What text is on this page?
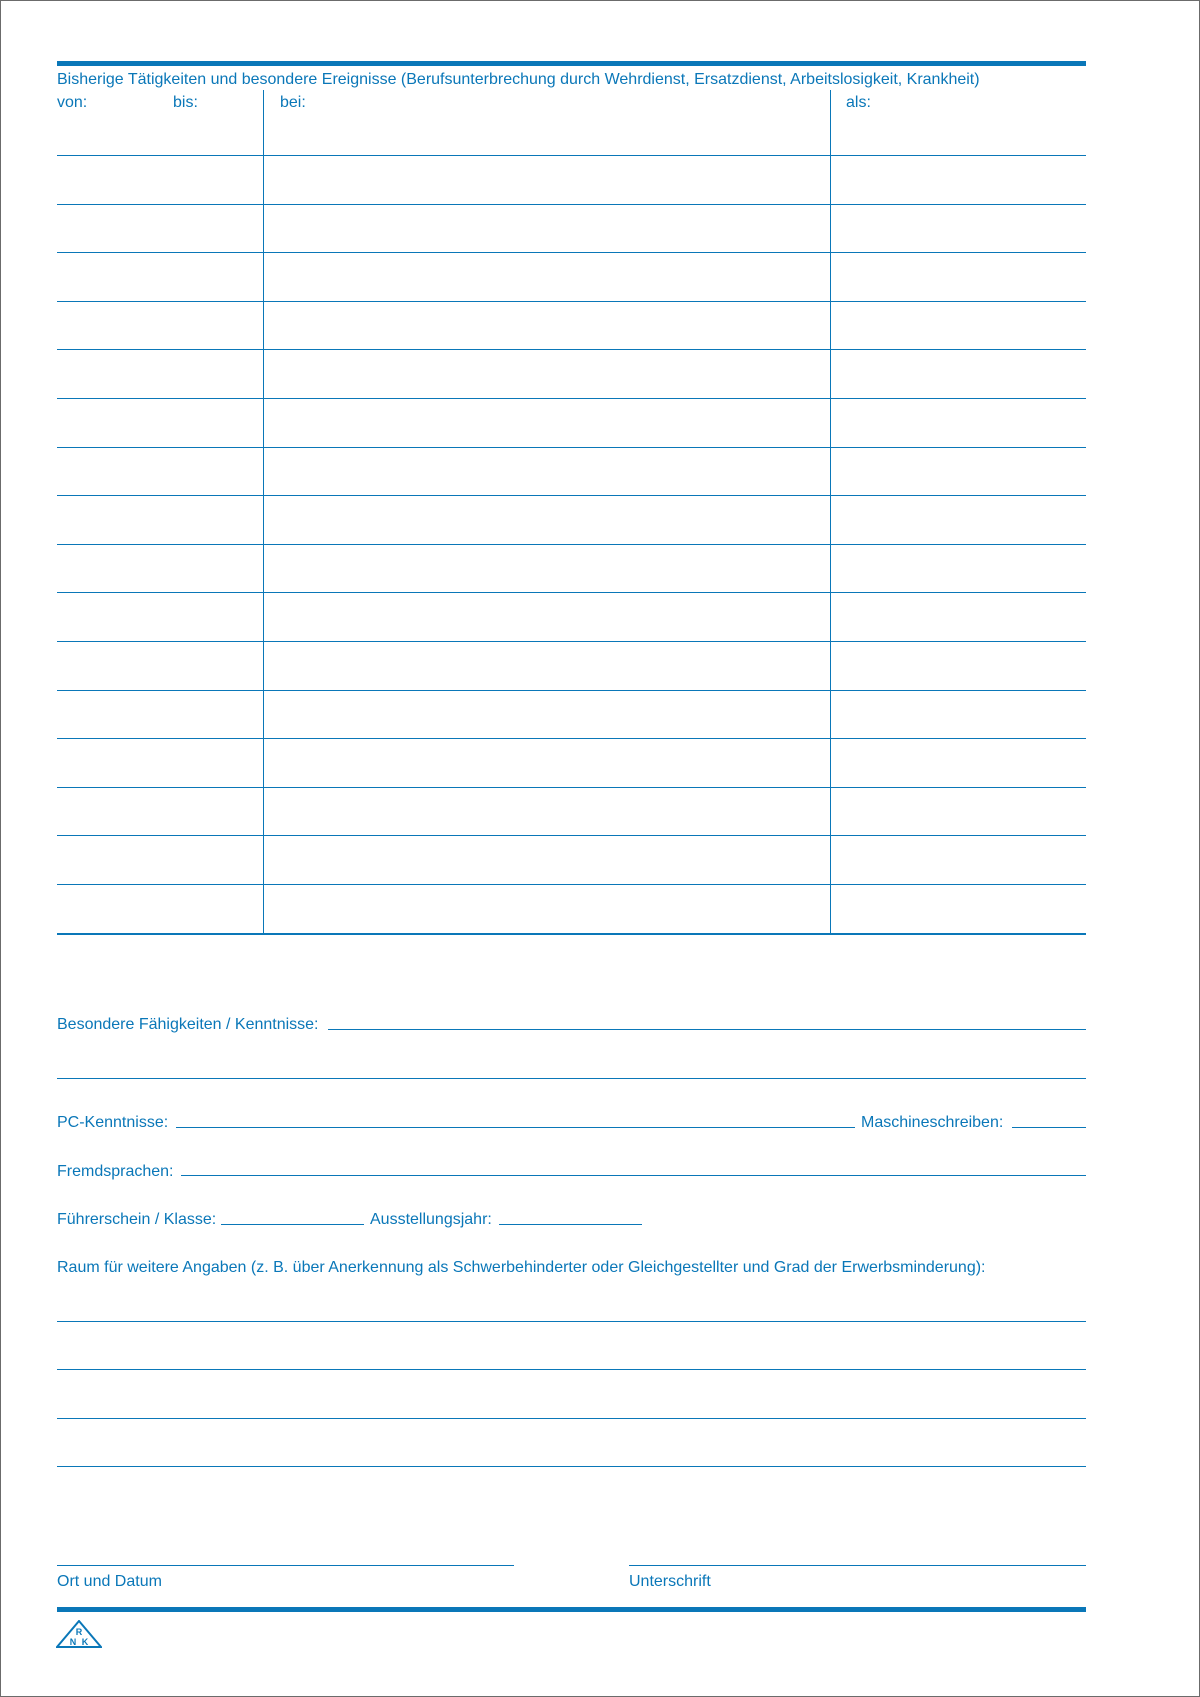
Bisherige Tätigkeiten und besondere Ereignisse (Berufsunterbrechung durch Wehrdienst, Ersatzdienst, Arbeitslosigkeit, Krankheit)
von:	bis:	bei:	als:
Besondere Fähigkeiten / Kenntnisse:
PC-Kenntnisse:	Maschineschreiben:
Fremdsprachen:
Führerschein / Klasse:	Ausstellungsjahr:
Raum für weitere Angaben (z. B. über Anerkennung als Schwerbehinderter oder Gleichgestellter und Grad der Erwerbsminderung):
Ort und Datum	Unterschrift
R
N K
